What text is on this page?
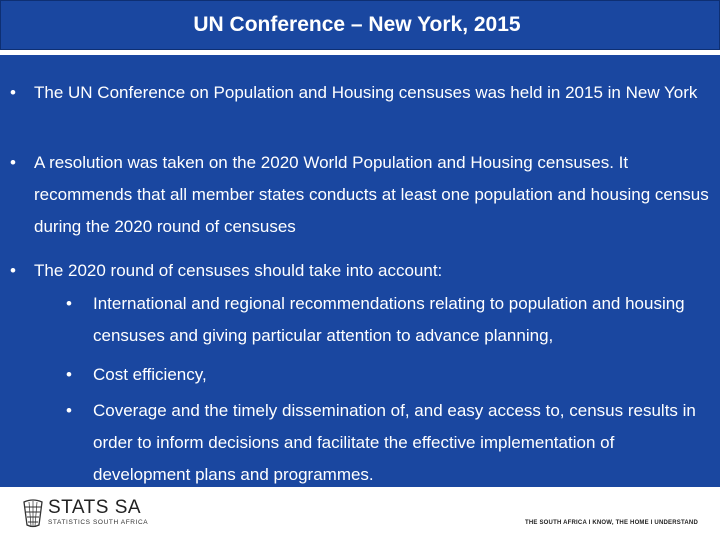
UN Conference – New York, 2015
•	The UN Conference on Population and Housing censuses was held in 2015 in New York
•	A resolution was taken on the 2020 World Population and Housing censuses. It recommends that all member states conducts at least one population and housing census during the 2020 round of censuses
•	The 2020 round of censuses should take into account:
•	International and regional recommendations relating to population and housing censuses and giving particular attention to advance planning,
•	Cost efficiency,
•	Coverage and the timely dissemination of, and easy access to, census results in order to inform decisions and facilitate the effective implementation of development plans and programmes.
STATS SA
STATISTICS SOUTH AFRICA	THE SOUTH AFRICA I KNOW, THE HOME I UNDERSTAND
